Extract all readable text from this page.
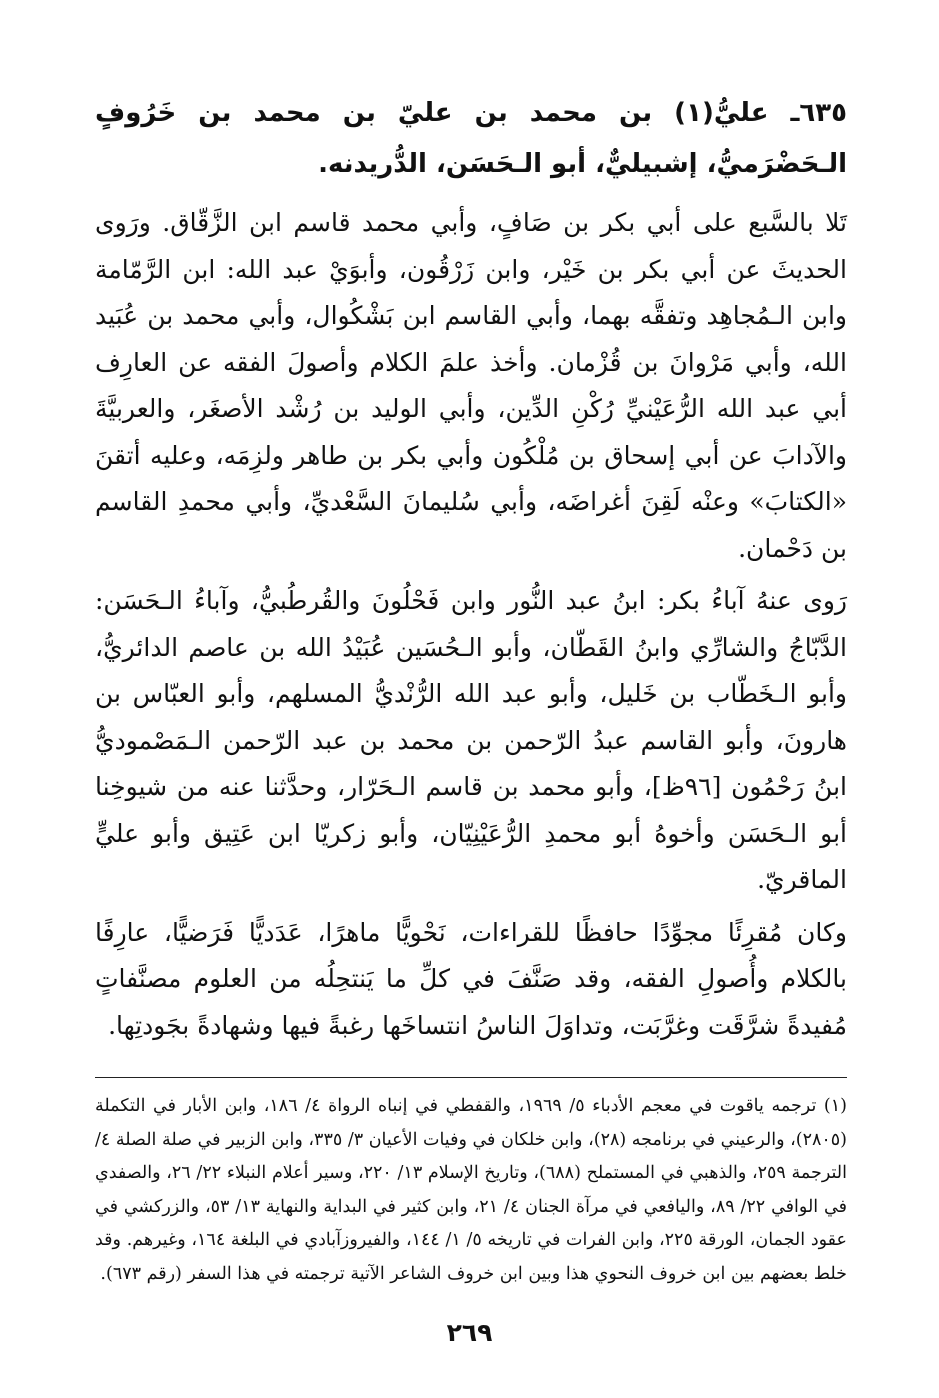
٦٣٥ـ عليُّ(١) بن محمد بن عليّ بن محمد بن خَرُوفٍ الـحَضْرَميُّ، إشبيليٌّ، أبو الـحَسَن، الدُّريدنه.

تَلا بالسَّبع على أبي بكر بن صَافٍ، وأبي محمد قاسم ابن الزَّقّاق. ورَوى الحديثَ عن أبي بكر بن خَيْر، وابن زَرْقُون، وأبوَيْ عبد الله: ابن الرَّمّامة وابن الـمُجاهِد وتفقَّه بهما، وأبي القاسم ابن بَشْكُوال، وأبي محمد بن عُبَيد الله، وأبي مَرْوانَ بن قُزْمان. وأخذ علمَ الكلام وأصولَ الفقه عن العارِف أبي عبد الله الرُّعَيْنيِّ رُكْنِ الدِّين، وأبي الوليد بن رُشْد الأصغَر، والعربيَّةَ والآدابَ عن أبي إسحاق بن مُلْكُون وأبي بكر بن طاهر ولزِمَه، وعليه أتقنَ «الكتابَ» وعنْه لَقِنَ أغراضَه، وأبي سُليمانَ السَّعْديِّ، وأبي محمدِ القاسم بن دَحْمان.

رَوى عنهُ آباءُ بكر: ابنُ عبد النُّور وابن فَحْلُونَ والقُرطُبيُّ، وآباءُ الـحَسَن: الدَّبّاجُ والشارِّي وابنُ القَطّان، وأبو الـحُسَين عُبَيْدُ الله بن عاصم الدائريُّ، وأبو الـخَطّاب بن خَليل، وأبو عبد الله الرُّنْديُّ المسلهم، وأبو العبّاس بن هارونَ، وأبو القاسم عبدُ الرّحمن بن محمد بن عبد الرّحمن الـمَصْموديُّ ابنُ رَحْمُون [٩٦ظ]، وأبو محمد بن قاسم الـحَرّار، وحدَّثنا عنه من شيوخِنا أبو الـحَسَن وأخوهُ أبو محمدِ الرُّعَيْنِيّان، وأبو زكريّا ابن عَتِيق وأبو عليٍّ الماقريّ.

وكان مُقرِئًا مجوِّدًا حافظًا للقراءات، نَحْويًّا ماهرًا، عَدَديًّا فَرَضيًّا، عارِفًا بالكلام وأُصولِ الفقه، وقد صَنَّفَ في كلِّ ما يَنتحِلُه من العلوم مصنَّفاتٍ مُفيدةً شرَّقَت وغرَّبَت، وتداوَلَ الناسُ انتساخَها رغبةً فيها وشهادةً بجَودتِها.

(١) ترجمه ياقوت في معجم الأدباء ٥/ ١٩٦٩، والقفطي في إنباه الرواة ٤/ ١٨٦، وابن الأبار في التكملة (٢٨٠٥)، والرعيني في برنامجه (٢٨)، وابن خلكان في وفيات الأعيان ٣/ ٣٣٥، وابن الزبير في صلة الصلة ٤/الترجمة ٢٥٩، والذهبي في المستملح (٦٨٨)، وتاريخ الإسلام ١٣/ ٢٢٠، وسير أعلام النبلاء ٢٢/ ٢٦، والصفدي في الوافي ٢٢/ ٨٩، واليافعي في مرآة الجنان ٤/ ٢١، وابن كثير في البداية والنهاية ١٣/ ٥٣، والزركشي في عقود الجمان، الورقة ٢٢٥، وابن الفرات في تاريخه ٥/ ١/ ١٤٤، والفيروزآبادي في البلغة ١٦٤، وغيرهم. وقد خلط بعضهم بين ابن خروف النحوي هذا وبين ابن خروف الشاعر الآتية ترجمته في هذا السفر (رقم ٦٧٣).

٢٦٩
